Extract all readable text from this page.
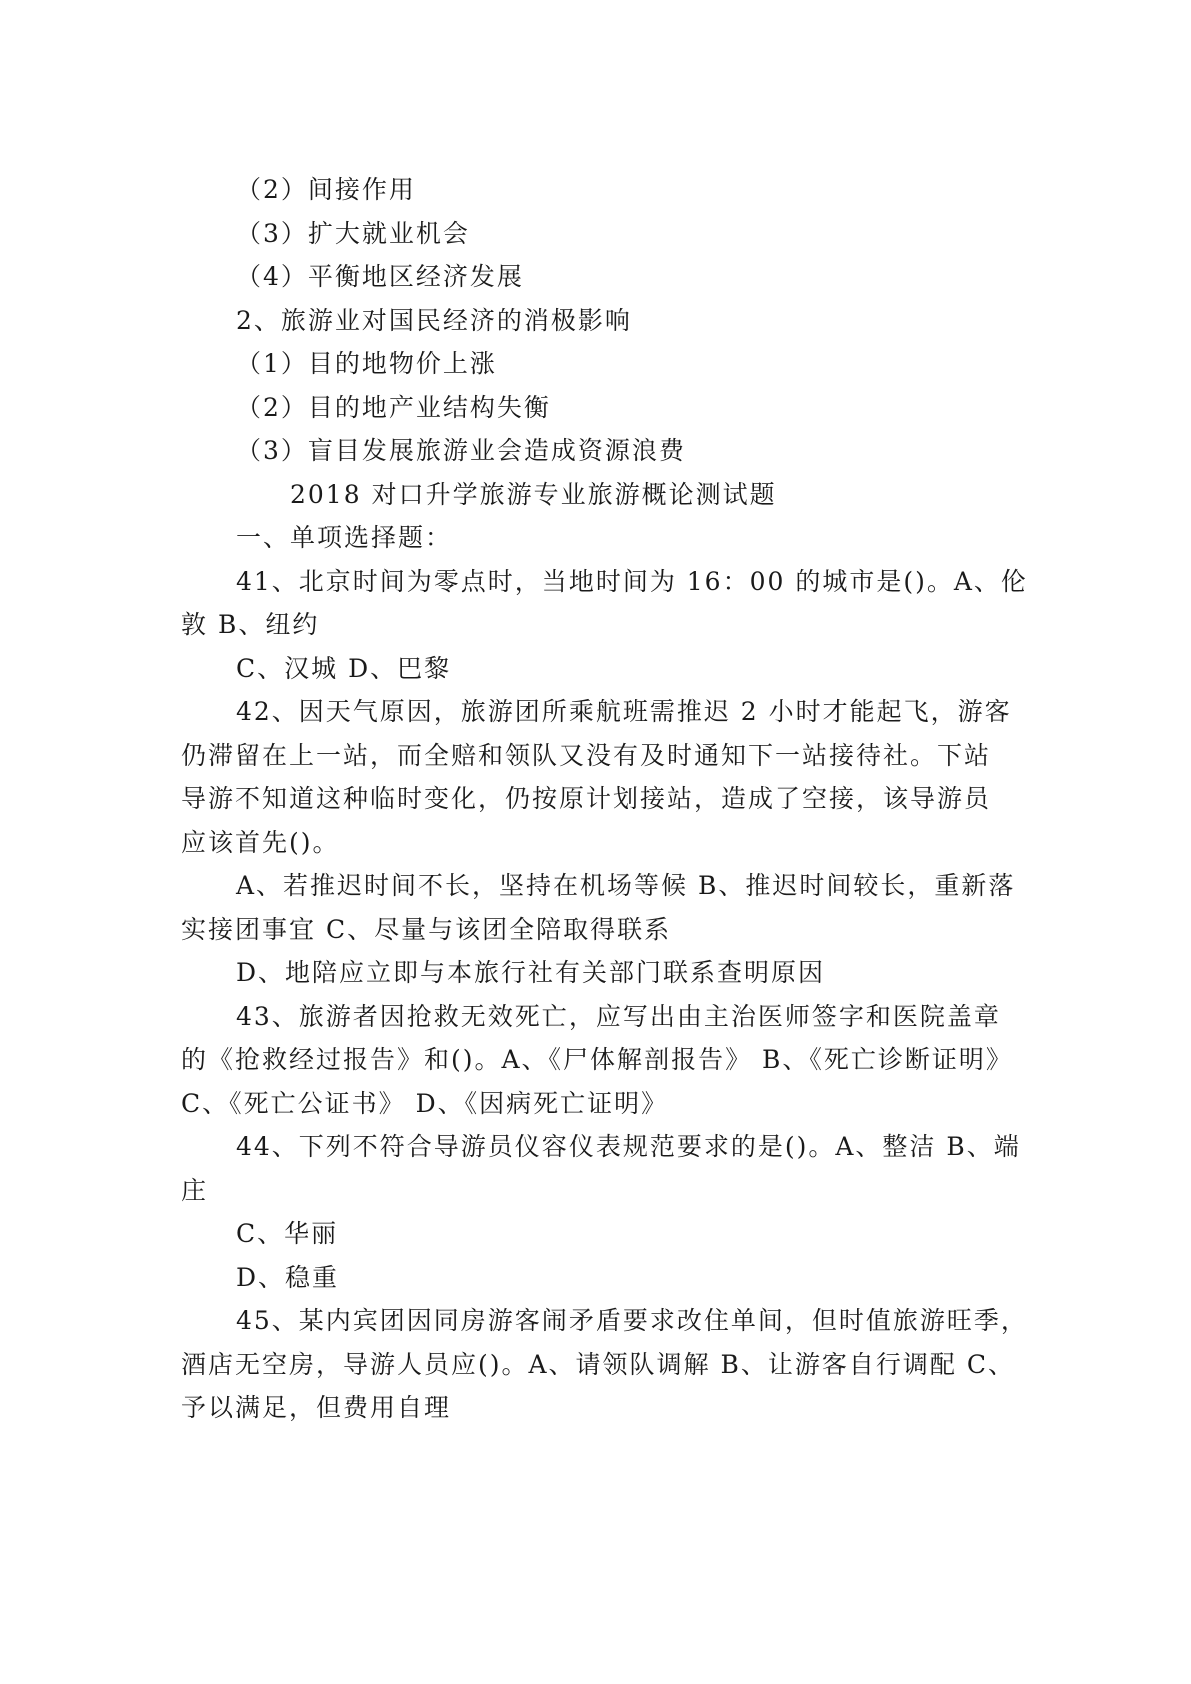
（2）间接作用
（3）扩大就业机会
（4）平衡地区经济发展
2、旅游业对国民经济的消极影响
（1）目的地物价上涨
（2）目的地产业结构失衡
（3）盲目发展旅游业会造成资源浪费
2018 对口升学旅游专业旅游概论测试题
一、单项选择题：
41、北京时间为零点时，当地时间为 16：00 的城市是()。A、伦
敦 B、纽约
C、汉城 D、巴黎
42、因天气原因，旅游团所乘航班需推迟 2 小时才能起飞，游客
仍滞留在上一站，而全赔和领队又没有及时通知下一站接待社。下站
导游不知道这种临时变化，仍按原计划接站，造成了空接，该导游员
应该首先()。
A、若推迟时间不长，坚持在机场等候 B、推迟时间较长，重新落
实接团事宜 C、尽量与该团全陪取得联系
D、地陪应立即与本旅行社有关部门联系查明原因
43、旅游者因抢救无效死亡，应写出由主治医师签字和医院盖章
的《抢救经过报告》和()。A、《尸体解剖报告》 B、《死亡诊断证明》
C、《死亡公证书》 D、《因病死亡证明》
44、下列不符合导游员仪容仪表规范要求的是()。A、整洁 B、端
庄
C、华丽
D、稳重
45、某内宾团因同房游客闹矛盾要求改住单间，但时值旅游旺季，
酒店无空房，导游人员应()。A、请领队调解 B、让游客自行调配 C、
予以满足，但费用自理
